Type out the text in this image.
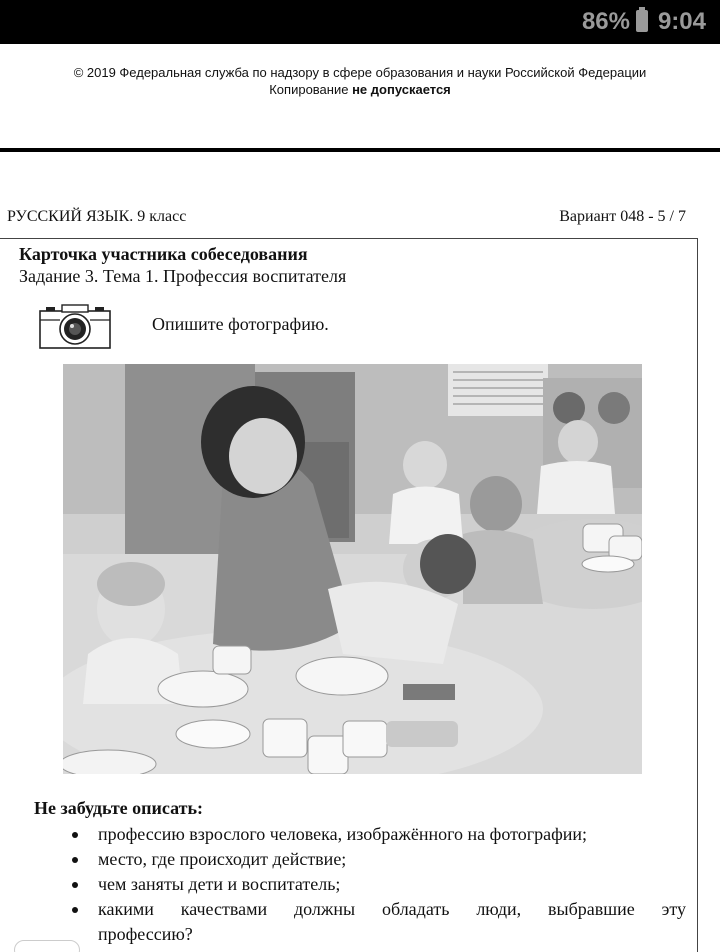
86% 9:04
© 2019 Федеральная служба по надзору в сфере образования и науки Российской Федерации
Копирование не допускается
РУССКИЙ ЯЗЫК. 9 класс	Вариант 048 - 5 / 7
Карточка участника собеседования
Задание 3. Тема 1. Профессия воспитателя
Опишите фотографию.
Не забудьте описать:
профессию взрослого человека, изображённого на фотографии;
место, где происходит действие;
чем заняты дети и воспитатель;
какими качествами должны обладать люди, выбравшие эту
профессию?
